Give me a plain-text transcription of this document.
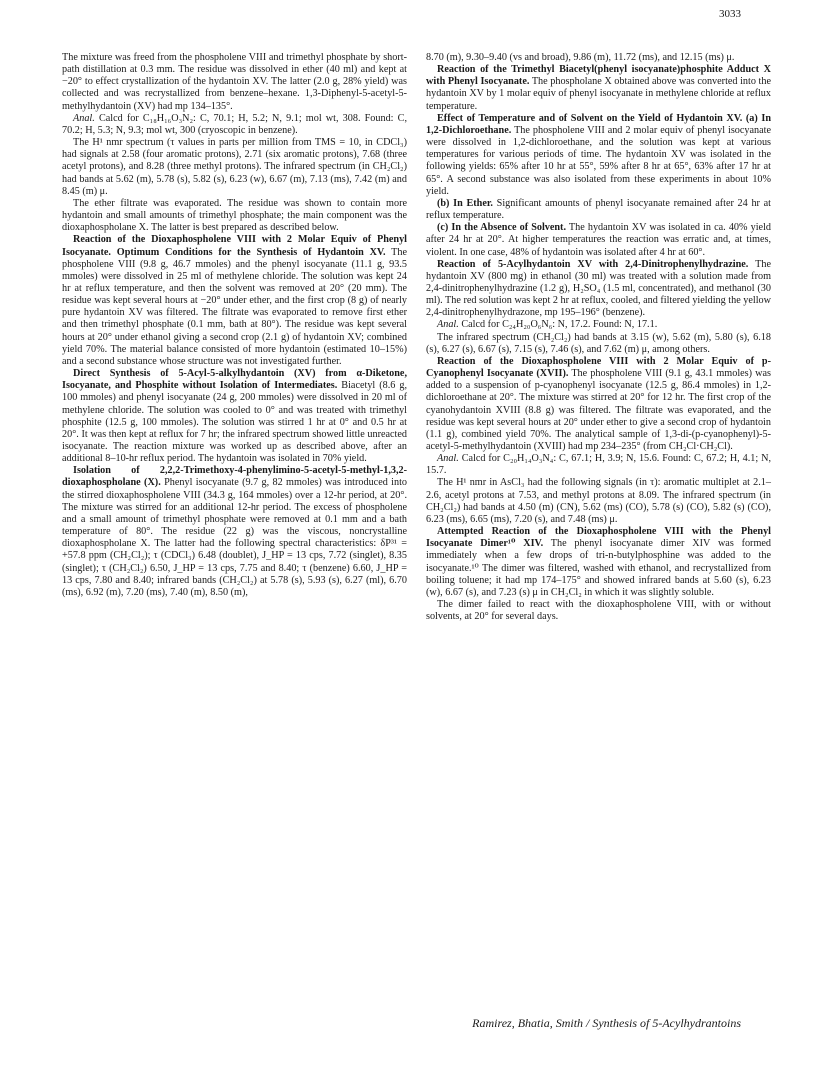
3033

The mixture was freed from the phospholene VIII and trimethyl phosphate by short-path distillation at 0.3 mm. The residue was dissolved in ether (40 ml) and kept at −20° to effect crystallization of the hydantoin XV. The latter (2.0 g, 28% yield) was collected and was recrystallized from benzene–hexane. 1,3-Diphenyl-5-acetyl-5-methylhydantoin (XV) had mp 134–135°.

Anal. Calcd for C₁₈H₁₆O₃N₂: C, 70.1; H, 5.2; N, 9.1; mol wt, 308. Found: C, 70.2; H, 5.3; N, 9.3; mol wt, 300 (cryoscopic in benzene).

The H¹ nmr spectrum (τ values in parts per million from TMS = 10, in CDCl₃) had signals at 2.58 (four aromatic protons), 2.71 (six aromatic protons), 7.68 (three acetyl protons), and 8.28 (three methyl protons). The infrared spectrum (in CH₂Cl₂) had bands at 5.62 (m), 5.78 (s), 5.82 (s), 6.23 (w), 6.67 (m), 7.13 (ms), 7.42 (m) and 8.45 (m) μ.

The ether filtrate was evaporated. The residue was shown to contain more hydantoin and small amounts of trimethyl phosphate; the main component was the dioxaphospholane X. The latter is best prepared as described below.

Reaction of the Dioxaphospholene VIII with 2 Molar Equiv of Phenyl Isocyanate. Optimum Conditions for the Synthesis of Hydantoin XV. The phospholene VIII (9.8 g, 46.7 mmoles) and the phenyl isocyanate (11.1 g, 93.5 mmoles) were dissolved in 25 ml of methylene chloride. The solution was kept 24 hr at reflux temperature, and then the solvent was removed at 20° (20 mm). The residue was kept several hours at −20° under ether, and the first crop (8 g) of nearly pure hydantoin XV was filtered. The filtrate was evaporated to remove first ether and then trimethyl phosphate (0.1 mm, bath at 80°). The residue was kept several hours at 20° under ethanol giving a second crop (2.1 g) of hydantoin XV; combined yield 70%. The material balance consisted of more hydantoin (estimated 10–15%) and a second substance whose structure was not investigated further.

Direct Synthesis of 5-Acyl-5-alkylhydantoin (XV) from α-Diketone, Isocyanate, and Phosphite without Isolation of Intermediates. Biacetyl (8.6 g, 100 mmoles) and phenyl isocyanate (24 g, 200 mmoles) were dissolved in 20 ml of methylene chloride. The solution was cooled to 0° and was treated with trimethyl phosphite (12.5 g, 100 mmoles). The solution was stirred 1 hr at 0° and 0.5 hr at 20°. It was then kept at reflux for 7 hr; the infrared spectrum showed little unreacted isocyanate. The reaction mixture was worked up as described above, after an additional 8–10-hr reflux period. The hydantoin was isolated in 70% yield.

Isolation of 2,2,2-Trimethoxy-4-phenylimino-5-acetyl-5-methyl-1,3,2-dioxaphospholane (X). Phenyl isocyanate (9.7 g, 82 mmoles) was introduced into the stirred dioxaphospholene VIII (34.3 g, 164 mmoles) over a 12-hr period, at 20°. The mixture was stirred for an additional 12-hr period. The excess of phospholene and a small amount of trimethyl phosphate were removed at 0.1 mm and a bath temperature of 80°. The residue (22 g) was the viscous, noncrystalline dioxaphospholane X. The latter had the following spectral characteristics: δP³¹ = +57.8 ppm (CH₂Cl₂); τ (CDCl₃) 6.48 (doublet), J_HP = 13 cps, 7.72 (singlet), 8.35 (singlet); τ (CH₂Cl₂) 6.50, J_HP = 13 cps, 7.75 and 8.40; τ (benzene) 6.60, J_HP = 13 cps, 7.80 and 8.40; infrared bands (CH₂Cl₂) at 5.78 (s), 5.93 (s), 6.27 (ml), 6.70 (ms), 6.92 (m), 7.20 (ms), 7.40 (m), 8.50 (m),

8.70 (m), 9.30–9.40 (vs and broad), 9.86 (m), 11.72 (ms), and 12.15 (ms) μ.

Reaction of the Trimethyl Biacetyl(phenyl isocyanate)phosphite Adduct X with Phenyl Isocyanate. The phospholane X obtained above was converted into the hydantoin XV by 1 molar equiv of phenyl isocyanate in methylene chloride at reflux temperature.

Effect of Temperature and of Solvent on the Yield of Hydantoin XV. (a) In 1,2-Dichloroethane. The phospholene VIII and 2 molar equiv of phenyl isocyanate were dissolved in 1,2-dichloroethane, and the solution was kept at various temperatures for various periods of time. The hydantoin XV was isolated in the following yields: 65% after 10 hr at 55°, 59% after 8 hr at 65°, 63% after 17 hr at 65°. A second substance was also isolated from these experiments in about 10% yield.

(b) In Ether. Significant amounts of phenyl isocyanate remained after 24 hr at reflux temperature.

(c) In the Absence of Solvent. The hydantoin XV was isolated in ca. 40% yield after 24 hr at 20°. At higher temperatures the reaction was erratic and, at times, violent. In one case, 48% of hydantoin was isolated after 4 hr at 60°.

Reaction of 5-Acylhydantoin XV with 2,4-Dinitrophenylhydrazine. The hydantoin XV (800 mg) in ethanol (30 ml) was treated with a solution made from 2,4-dinitrophenylhydrazine (1.2 g), H₂SO₄ (1.5 ml, concentrated), and methanol (30 ml). The red solution was kept 2 hr at reflux, cooled, and filtered yielding the yellow 2,4-dinitrophenylhydrazone, mp 195–196° (benzene).

Anal. Calcd for C₂₄H₂₀O₆N₆: N, 17.2. Found: N, 17.1.

The infrared spectrum (CH₂Cl₂) had bands at 3.15 (w), 5.62 (m), 5.80 (s), 6.18 (s), 6.27 (s), 6.67 (s), 7.15 (s), 7.46 (s), and 7.62 (m) μ, among others.

Reaction of the Dioxaphospholene VIII with 2 Molar Equiv of p-Cyanophenyl Isocyanate (XVII). The phospholene VIII (9.1 g, 43.1 mmoles) was added to a suspension of p-cyanophenyl isocyanate (12.5 g, 86.4 mmoles) in 1,2-dichloroethane at 20°. The mixture was stirred at 20° for 12 hr. The first crop of the cyanohydantoin XVIII (8.8 g) was filtered. The filtrate was evaporated, and the residue was kept several hours at 20° under ether to give a second crop of hydantoin (1.1 g), combined yield 70%. The analytical sample of 1,3-di-(p-cyanophenyl)-5-acetyl-5-methylhydantoin (XVIII) had mp 234–235° (from CH₂Cl·CH₂Cl).

Anal. Calcd for C₂₀H₁₄O₃N₄: C, 67.1; H, 3.9; N, 15.6. Found: C, 67.2; H, 4.1; N, 15.7.

The H¹ nmr in AsCl₃ had the following signals (in τ): aromatic multiplet at 2.1–2.6, acetyl protons at 7.53, and methyl protons at 8.09. The infrared spectrum (in CH₂Cl₂) had bands at 4.50 (m) (CN), 5.62 (ms) (CO), 5.78 (s) (CO), 5.82 (s) (CO), 6.23 (ms), 6.65 (ms), 7.20 (s), and 7.48 (ms) μ.

Attempted Reaction of the Dioxaphospholene VIII with the Phenyl Isocyanate Dimer¹⁰ XIV. The phenyl isocyanate dimer XIV was formed immediately when a few drops of tri-n-butylphosphine was added to the isocyanate.¹⁰ The dimer was filtered, washed with ethanol, and recrystallized from boiling toluene; it had mp 174–175° and showed infrared bands at 5.60 (s), 6.23 (w), 6.67 (s), and 7.23 (s) μ in CH₂Cl₂ in which it was slightly soluble.

The dimer failed to react with the dioxaphospholene VIII, with or without solvents, at 20° for several days.

Ramirez, Bhatia, Smith / Synthesis of 5-Acylhydrantoins
